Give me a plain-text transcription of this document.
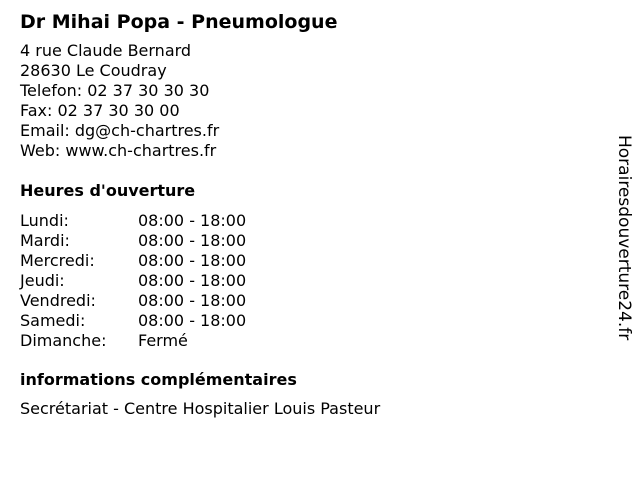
Dr Mihai Popa - Pneumologue
4 rue Claude Bernard
28630 Le Coudray
Telefon: 02 37 30 30 30
Fax: 02 37 30 30 00
Email: dg@ch-chartres.fr
Web: www.ch-chartres.fr
Heures d'ouverture
Lundi:	08:00 - 18:00
Mardi:	08:00 - 18:00
Mercredi:	08:00 - 18:00
Jeudi:	08:00 - 18:00
Vendredi:	08:00 - 18:00
Samedi:	08:00 - 18:00
Dimanche:	Fermé
informations complémentaires
Secrétariat - Centre Hospitalier Louis Pasteur
Horairesdouverture24.fr
